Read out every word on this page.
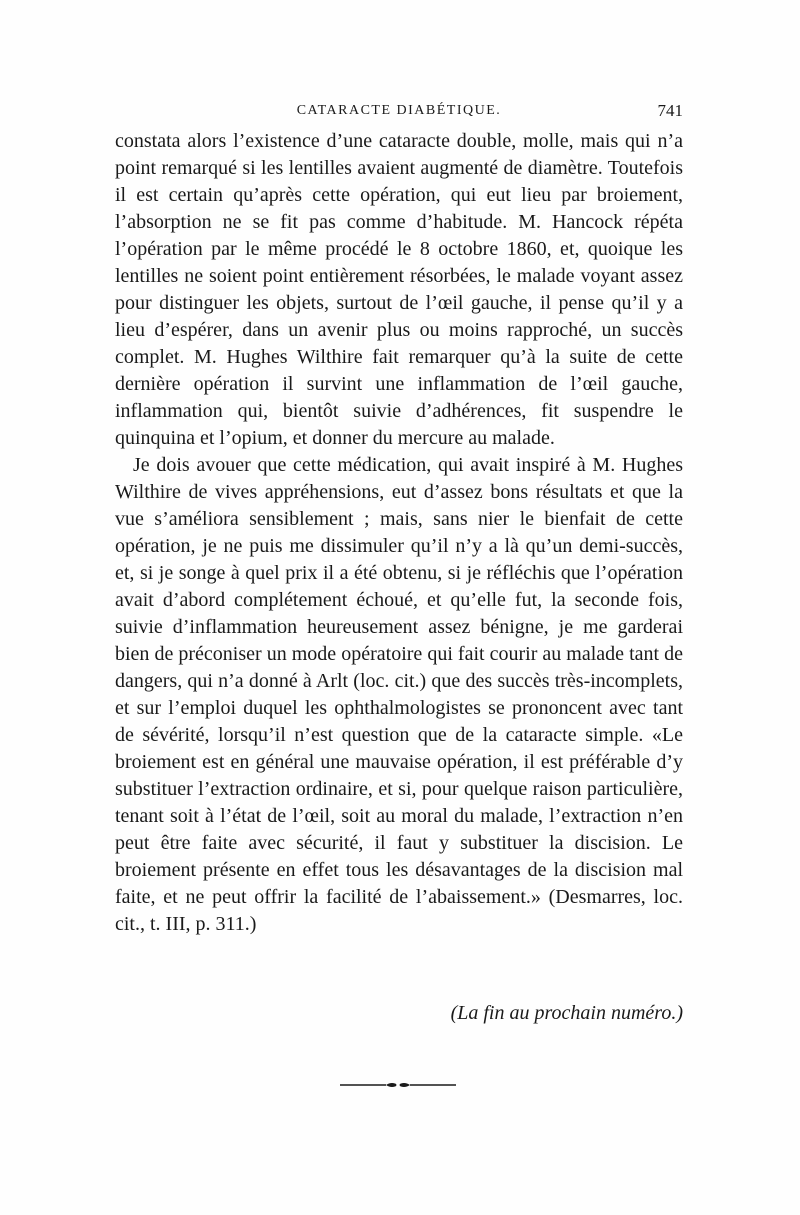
CATARACTE DIABÉTIQUE.	741

constata alors l’existence d’une cataracte double, molle, mais qui n’a point remarqué si les lentilles avaient augmenté de diamètre. Toutefois il est certain qu’après cette opération, qui eut lieu par broiement, l’absorption ne se fit pas comme d’habitude. M. Hancock répéta l’opération par le même procédé le 8 octobre 1860, et, quoique les lentilles ne soient point entièrement résorbées, le malade voyant assez pour distinguer les objets, surtout de l’œil gauche, il pense qu’il y a lieu d’espérer, dans un avenir plus ou moins rapproché, un succès complet. M. Hughes Wilthire fait remarquer qu’à la suite de cette dernière opération il survint une inflammation de l’œil gauche, inflammation qui, bientôt suivie d’adhérences, fit suspendre le quinquina et l’opium, et donner du mercure au malade.

Je dois avouer que cette médication, qui avait inspiré à M. Hughes Wilthire de vives appréhensions, eut d’assez bons résultats et que la vue s’améliora sensiblement ; mais, sans nier le bienfait de cette opération, je ne puis me dissimuler qu’il n’y a là qu’un demi-succès, et, si je songe à quel prix il a été obtenu, si je réfléchis que l’opération avait d’abord complétement échoué, et qu’elle fut, la seconde fois, suivie d’inflammation heureusement assez bénigne, je me garderai bien de préconiser un mode opératoire qui fait courir au malade tant de dangers, qui n’a donné à Arlt (loc. cit.) que des succès très-incomplets, et sur l’emploi duquel les ophthalmologistes se prononcent avec tant de sévérité, lorsqu’il n’est question que de la cataracte simple. «Le broiement est en général une mauvaise opération, il est préférable d’y substituer l’extraction ordinaire, et si, pour quelque raison particulière, tenant soit à l’état de l’œil, soit au moral du malade, l’extraction n’en peut être faite avec sécurité, il faut y substituer la discision. Le broiement présente en effet tous les désavantages de la discision mal faite, et ne peut offrir la facilité de l’abaissement.» (Desmarres, loc. cit., t. III, p. 311.)

(La fin au prochain numéro.)
